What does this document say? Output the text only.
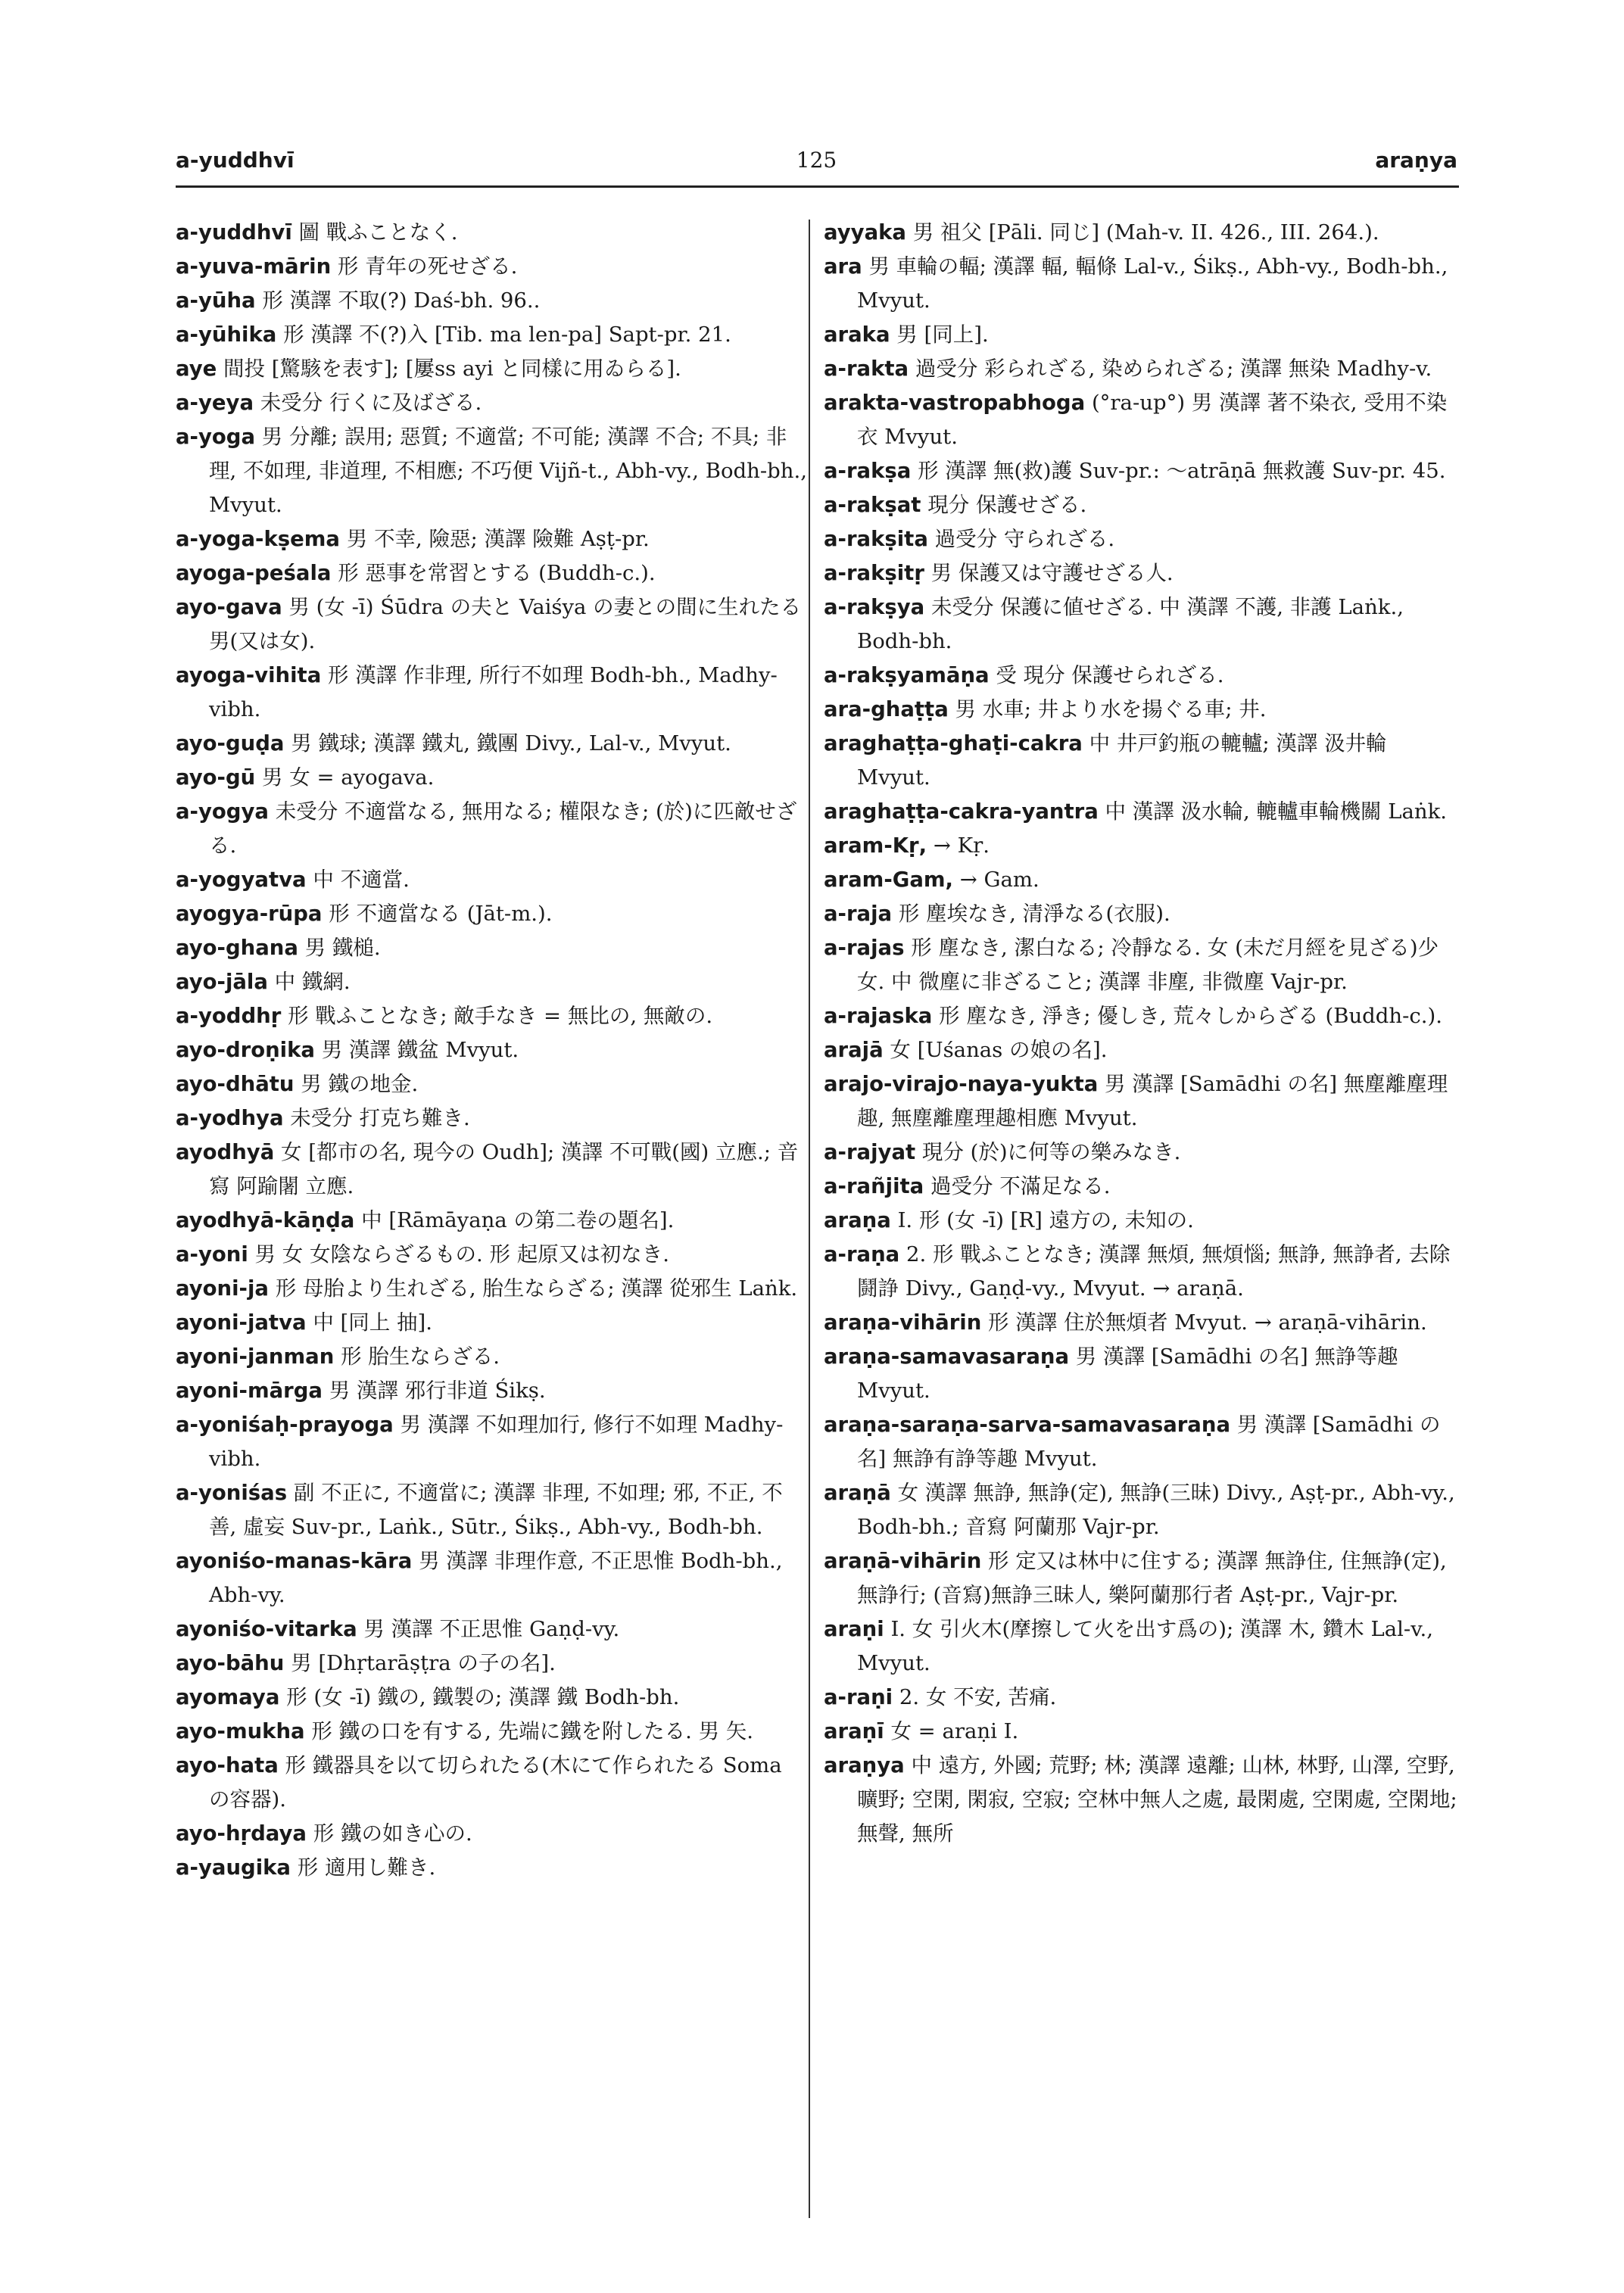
a-yuddhvī	125	araṇya

a-yuddhvī 圖 戰ふことなく.

a-yuva-mārin 形 青年の死せざる.

a-yūha 形 漢譯 不取(?) Daś-bh. 96..

a-yūhika 形 漢譯 不(?)入 [Tib. ma len-pa] Sapt-pr. 21.

aye 間投 [驚駭を表す]; [屢ss ayi と同樣に用ゐらる].

a-yeya 未受分 行くに及ばざる.

a-yoga 男 分離; 誤用; 惡質; 不適當; 不可能; 漢譯 不合; 不具; 非理, 不如理, 非道理, 不相應; 不巧便 Vijñ-t., Abh-vy., Bodh-bh., Mvyut.

a-yoga-kṣema 男 不幸, 險惡; 漢譯 險難 Aṣṭ-pr.

ayoga-peśala 形 惡事を常習とする (Buddh-c.).

ayo-gava 男 (女 -ī) Śūdra の夫と Vaiśya の妻との間に生れたる男(又は女).

ayoga-vihita 形 漢譯 作非理, 所行不如理 Bodh-bh., Madhy-vibh.

ayo-guḍa 男 鐵球; 漢譯 鐵丸, 鐵團 Divy., Lal-v., Mvyut.

ayo-gū 男 女 = ayogava.

a-yogya 未受分 不適當なる, 無用なる; 權限なき; (於)に匹敵せざる.

a-yogyatva 中 不適當.

ayogya-rūpa 形 不適當なる (Jāt-m.).

ayo-ghana 男 鐵槌.

ayo-jāla 中 鐵網.

a-yoddhṛ 形 戰ふことなき; 敵手なき = 無比の, 無敵の.

ayo-droṇika 男 漢譯 鐵盆 Mvyut.

ayo-dhātu 男 鐵の地金.

a-yodhya 未受分 打克ち難き.

ayodhyā 女 [都市の名, 現今の Oudh]; 漢譯 不可戰(國) 立應.; 音寫 阿踰闍 立應.

ayodhyā-kāṇḍa 中 [Rāmāyaṇa の第二卷の題名].

a-yoni 男 女 女陰ならざるもの. 形 起原又は初なき.

ayoni-ja 形 母胎より生れざる, 胎生ならざる; 漢譯 從邪生 Laṅk.

ayoni-jatva 中 [同上 抽].

ayoni-janman 形 胎生ならざる.

ayoni-mārga 男 漢譯 邪行非道 Śikṣ.

a-yoniśaḥ-prayoga 男 漢譯 不如理加行, 修行不如理 Madhy-vibh.

a-yoniśas 副 不正に, 不適當に; 漢譯 非理, 不如理; 邪, 不正, 不善, 虛妄 Suv-pr., Laṅk., Sūtr., Śikṣ., Abh-vy., Bodh-bh.

ayoniśo-manas-kāra 男 漢譯 非理作意, 不正思惟 Bodh-bh., Abh-vy.

ayoniśo-vitarka 男 漢譯 不正思惟 Gaṇḍ-vy.

ayo-bāhu 男 [Dhṛtarāṣṭra の子の名].

ayomaya 形 (女 -ī) 鐵の, 鐵製の; 漢譯 鐵 Bodh-bh.

ayo-mukha 形 鐵の口を有する, 先端に鐵を附したる. 男 矢.

ayo-hata 形 鐵器具を以て切られたる(木にて作られたる Soma の容器).

ayo-hṛdaya 形 鐵の如き心の.

a-yaugika 形 適用し難き.

ayyaka 男 祖父 [Pāli. 同じ] (Mah-v. II. 426., III. 264.).

ara 男 車輪の輻; 漢譯 輻, 輻條 Lal-v., Śikṣ., Abh-vy., Bodh-bh., Mvyut.

araka 男 [同上].

a-rakta 過受分 彩られざる, 染められざる; 漢譯 無染 Madhy-v.

arakta-vastropabhoga (°ra-up°) 男 漢譯 著不染衣, 受用不染衣 Mvyut.

a-rakṣa 形 漢譯 無(救)護 Suv-pr.: ～atrāṇā 無救護 Suv-pr. 45.

a-rakṣat 現分 保護せざる.

a-rakṣita 過受分 守られざる.

a-rakṣitṛ 男 保護又は守護せざる人.

a-rakṣya 未受分 保護に値せざる. 中 漢譯 不護, 非護 Laṅk., Bodh-bh.

a-rakṣyamāṇa 受 現分 保護せられざる.

ara-ghaṭṭa 男 水車; 井より水を揚ぐる車; 井.

araghaṭṭa-ghaṭi-cakra 中 井戸釣瓶の轆轤; 漢譯 汲井輪 Mvyut.

araghaṭṭa-cakra-yantra 中 漢譯 汲水輪, 轆轤車輪機關 Laṅk.

aram-Kṛ, → Kṛ.

aram-Gam, → Gam.

a-raja 形 塵埃なき, 清淨なる(衣服).

a-rajas 形 塵なき, 潔白なる; 冷靜なる. 女 (未だ月經を見ざる)少女. 中 微塵に非ざること; 漢譯 非塵, 非微塵 Vajr-pr.

a-rajaska 形 塵なき, 淨き; 優しき, 荒々しからざる (Buddh-c.).

arajā 女 [Uśanas の娘の名].

arajo-virajo-naya-yukta 男 漢譯 [Samādhi の名] 無塵離塵理趣, 無塵離塵理趣相應 Mvyut.

a-rajyat 現分 (於)に何等の樂みなき.

a-rañjita 過受分 不滿足なる.

araṇa I. 形 (女 -ī) [R] 遠方の, 未知の.

a-raṇa 2. 形 戰ふことなき; 漢譯 無煩, 無煩惱; 無諍, 無諍者, 去除鬪諍 Divy., Gaṇḍ-vy., Mvyut. → araṇā.

araṇa-vihārin 形 漢譯 住於無煩者 Mvyut. → araṇā-vihārin.

araṇa-samavasaraṇa 男 漢譯 [Samādhi の名] 無諍等趣 Mvyut.

araṇa-saraṇa-sarva-samavasaraṇa 男 漢譯 [Samādhi の名] 無諍有諍等趣 Mvyut.

araṇā 女 漢譯 無諍, 無諍(定), 無諍(三昧) Divy., Aṣṭ-pr., Abh-vy., Bodh-bh.; 音寫 阿蘭那 Vajr-pr.

araṇā-vihārin 形 定又は林中に住する; 漢譯 無諍住, 住無諍(定), 無諍行; (音寫)無諍三昧人, 樂阿蘭那行者 Aṣṭ-pr., Vajr-pr.

araṇi I. 女 引火木(摩擦して火を出す爲の); 漢譯 木, 鑽木 Lal-v., Mvyut.

a-raṇi 2. 女 不安, 苦痛.

araṇī 女 = araṇi I.

araṇya 中 遠方, 外國; 荒野; 林; 漢譯 遠離; 山林, 林野, 山澤, 空野, 曠野; 空閑, 閑寂, 空寂; 空林中無人之處, 最閑處, 空閑處, 空閑地; 無聲, 無所
